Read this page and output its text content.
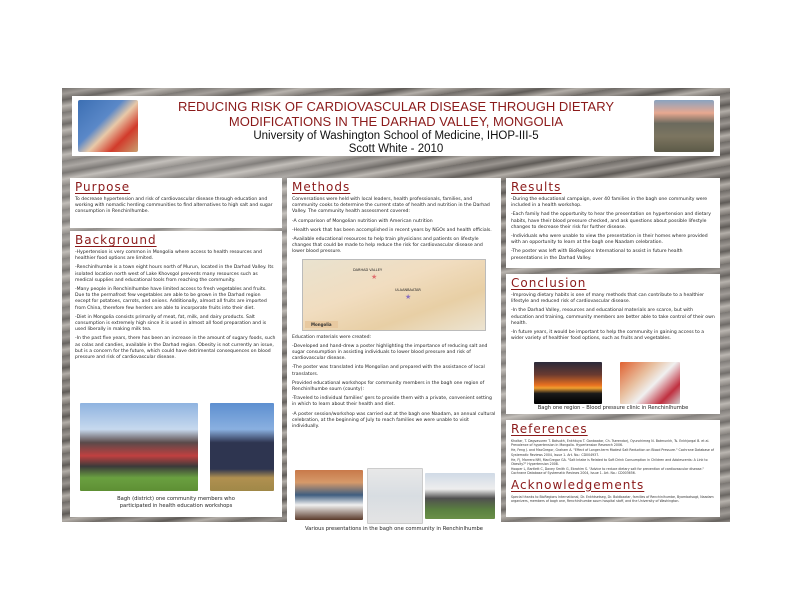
REDUCING RISK OF CARDIOVASCULAR DISEASE THROUGH DIETARY
MODIFICATIONS IN THE DARHAD VALLEY, MONGOLIA
University of Washington School of Medicine, IHOP-III-5
Scott White - 2010
Purpose

To decrease hypertension and risk of cardiovascular disease through education and working with nomadic herding communities to find alternatives to high salt and sugar consumption in Renchinlhumbe.

Background

-Hypertension is very common in Mongolia where access to health resources and healthier food options are limited.

-Renchinlhumbe is a town eight hours north of Murun, located in the Darhad Valley. Its isolated location north west of Lake Khovsgol prevents many resources such as medical supplies and educational tools from reaching the community.

-Many people in Renchinlhumbe have limited access to fresh vegetables and fruits. Due to the permafrost few vegetables are able to be grown in the Darhad region except for potatoes, carrots, and onions. Additionally, almost all fruits are imported from China, therefore few herders are able to incorporate fruits into their diet.

-Diet in Mongolia consists primarily of meat, fat, milk, and dairy products. Salt consumption is extremely high since it is used in almost all food preparation and is used liberally in making milk tea.

-In the past five years, there has been an increase in the amount of sugary foods, such as colas and candies, available in the Darhad region. Obesity is not currently an issue, but is a concern for the future, which could have detrimental consequences on blood pressure and risk of cardiovascular disease.

Bagh (district) one community members who
participated in health education workshops
Methods

Conversations were held with local leaders, health professionals, families, and community cooks to determine the current state of health and nutrition in the Darhad Valley. The community health assessment covered:

-A comparison of Mongolian nutrition with American nutrition

-Health work that has been accomplished in recent years by NGOs and health officials.

-Available educational resources to help train physicians and patients on lifestyle changes that could be made to help reduce the risk for cardiovascular disease and lower blood pressure.

DARHAD VALLEY
★
ULAANBAATAR
★
Mongolia

Education materials were created:

-Developed and hand-drew a poster highlighting the importance of reducing salt and sugar consumption in assisting individuals to lower blood pressure and risk of cardiovascular disease.

-The poster was translated into Mongolian and prepared with the assistance of local translators.

Provided educational workshops for community members in the bagh one region of Renchinlhumbe soum (county):

-Traveled to individual families' gers to provide them with a private, convenient setting in which to learn about their health and diet.

-A poster session/workshop was carried out at the bagh one Naadam, an annual cultural celebration, at the beginning of July to reach families we were unable to visit individually.

Various presentations in the bagh one community in Renchinlhumbe
Results

-During the educational campaign, over 40 families in the bagh one community were included in a health workshop.

-Each family had the opportunity to hear the presentation on hypertension and dietary habits, have their blood pressure checked, and ask questions about possible lifestyle changes to decrease their risk for further disease.

-Individuals who were unable to view the presentation in their homes where provided with an opportunity to learn at the bagh one Naadam celebration.

-The poster was left with BioRegions International to assist in future health presentations in the Darhad Valley.

Conclusion

-Improving dietary habits is one of many methods that can contribute to a healthier lifestyle and reduced risk of cardiovascular disease.

-In the Darhad Valley, resources and educational materials are scarce, but with education and training, community members are better able to take control of their own health.

-In future years, it would be important to help the community in gaining access to a wider variety of healthier food options, such as fruits and vegetables.

Bagh one region – Blood pressure clinic in Renchinlhumbe
References

Khaltar, T. Dagvasuren T. Batsukh, Enkhtuya T. Ganbaatar, Ch. Tserendorj, Oyunchimeg N. Batmunkh, Ts. Enkhjargal B. et al. Prevalence of hypertension in Mongolia. Hypertension Research 2006.

He, Feng J. and MacGregor, Graham A. "Effect of Longer-term Modest Salt Reduction on Blood Pressure." Cochrane Database of Systematic Reviews 2004, Issue 1. Art. No.: CD004937.

He, FJ, Marrero NM, MacGregor GA. "Salt Intake is Related to Soft Drink Consumption in Children and Adolescents: A Link to Obesity?" Hypertension 2008.

Hooper L, Bartlett C, Davey Smith G, Ebrahim S. "Advice to reduce dietary salt for prevention of cardiovascular disease." Cochrane Database of Systematic Reviews 2004, Issue 1. Art. No.: CD003656.

Acknowledgements

Special thanks to BioRegions International, Dr. Enkhtsetseg, Dr. Boldbaatar, families of Renchinlhumbe, Byambatsogt, Naadam organizers, members of bagh one, Renchinlhumbe soum hospital staff, and the University of Washington.
